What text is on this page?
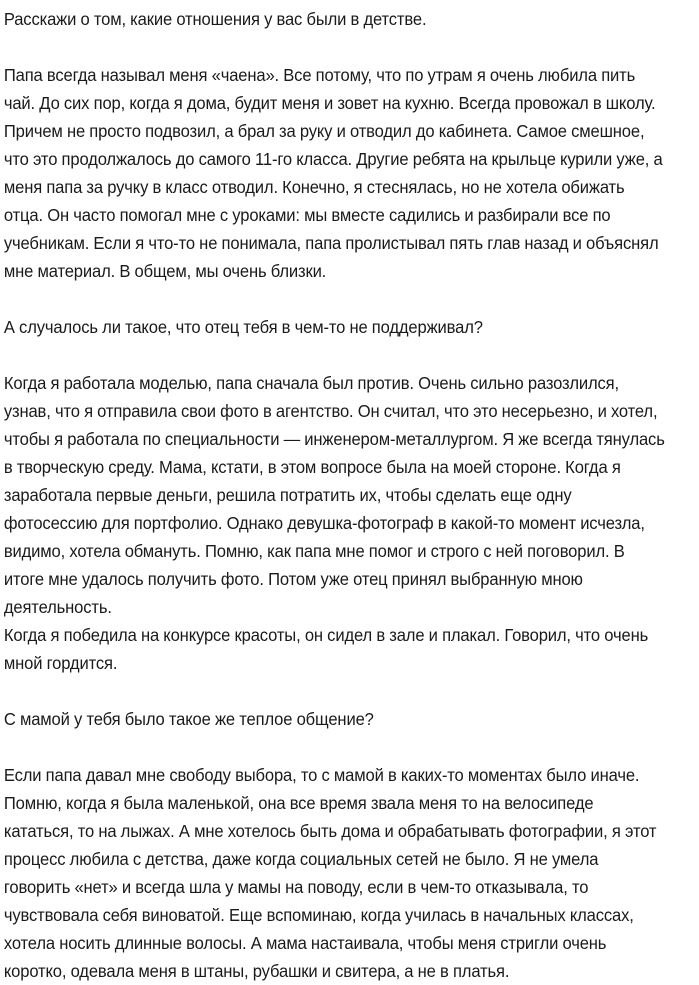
Расскажи о том, какие отношения у вас были в детстве.

Папа всегда называл меня «чаена». Все потому, что по утрам я очень любила пить чай. До сих пор, когда я дома, будит меня и зовет на кухню. Всегда провожал в школу. Причем не просто подвозил, а брал за руку и отводил до кабинета. Самое смешное, что это продолжалось до самого 11-го класса. Другие ребята на крыльце курили уже, а меня папа за ручку в класс отводил. Конечно, я стеснялась, но не хотела обижать отца. Он часто помогал мне с уроками: мы вместе садились и разбирали все по учебникам. Если я что-то не понимала, папа пролистывал пять глав назад и объяснял мне материал. В общем, мы очень близки.

А случалось ли такое, что отец тебя в чем-то не поддерживал?

Когда я работала моделью, папа сначала был против. Очень сильно разозлился, узнав, что я отправила свои фото в агентство. Он считал, что это несерьезно, и хотел, чтобы я работала по специальности — инженером-металлургом. Я же всегда тянулась в творческую среду. Мама, кстати, в этом вопросе была на моей стороне. Когда я заработала первые деньги, решила потратить их, чтобы сделать еще одну фотосессию для портфолио. Однако девушка-фотограф в какой-то момент исчезла, видимо, хотела обмануть. Помню, как папа мне помог и строго с ней поговорил. В итоге мне удалось получить фото. Потом уже отец принял выбранную мною деятельность.

Когда я победила на конкурсе красоты, он сидел в зале и плакал. Говорил, что очень мной гордится.

С мамой у тебя было такое же теплое общение?

Если папа давал мне свободу выбора, то с мамой в каких-то моментах было иначе. Помню, когда я была маленькой, она все время звала меня то на велосипеде кататься, то на лыжах. А мне хотелось быть дома и обрабатывать фотографии, я этот процесс любила с детства, даже когда социальных сетей не было. Я не умела говорить «нет» и всегда шла у мамы на поводу, если в чем-то отказывала, то чувствовала себя виноватой. Еще вспоминаю, когда училась в начальных классах, хотела носить длинные волосы. А мама настаивала, чтобы меня стригли очень коротко, одевала меня в штаны, рубашки и свитера, а не в платья.
